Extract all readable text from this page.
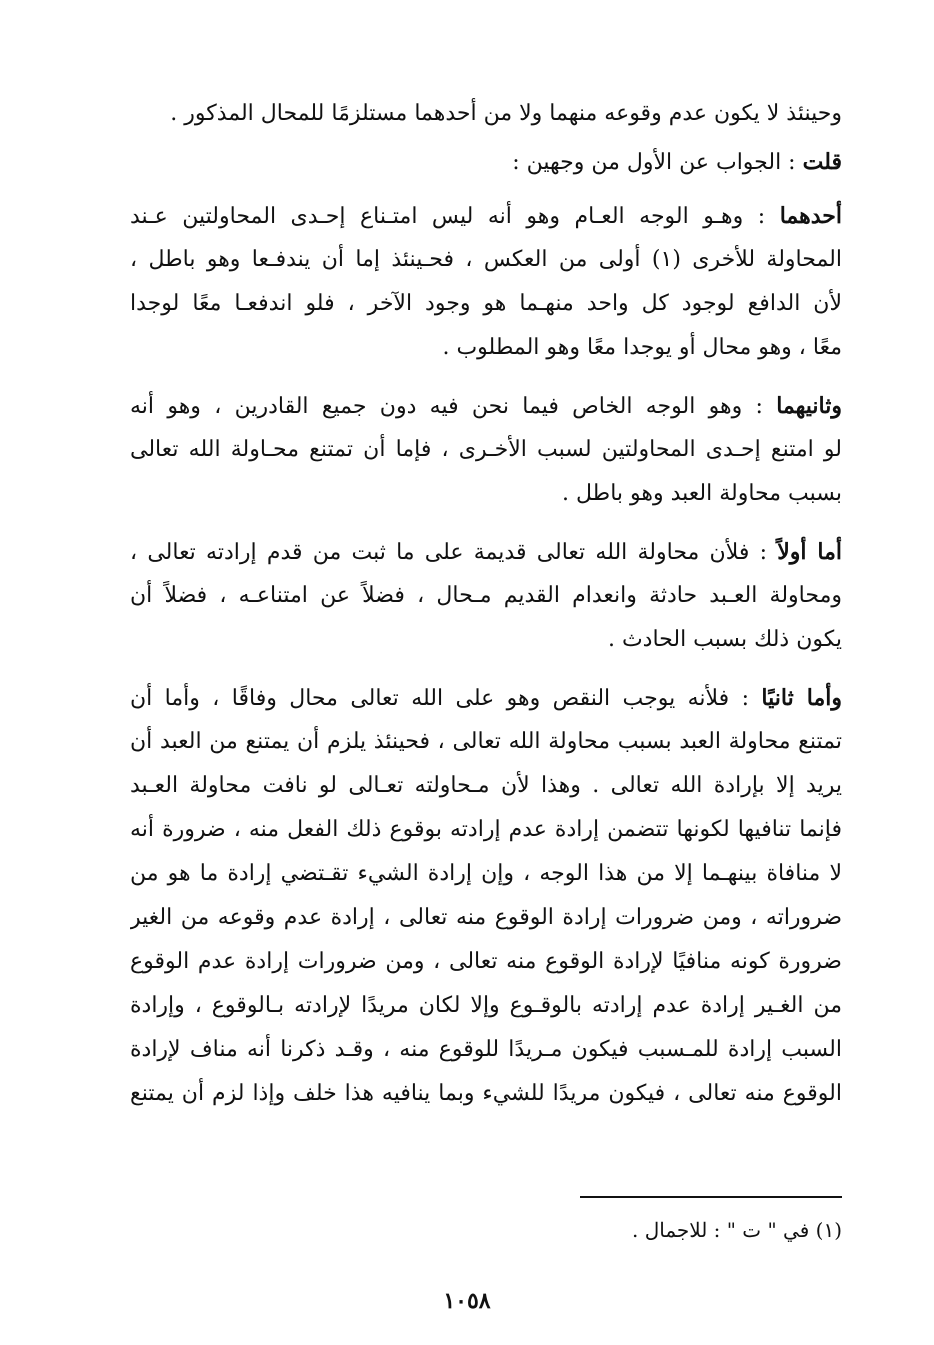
وحينئذ لا يكون عدم وقوعه منهما ولا من أحدهما مستلزمًا للمحال المذكور .
قلت : الجواب عن الأول من وجهين :
أحدهما : وهـو الوجه العـام وهو أنه ليس امتـناع إحـدى المحاولتين عـند
المحاولة للأخرى (١) أولى من العكس ، فحـينئذ إما أن يندفـعا وهو باطل ،
لأن الدافع لوجود كل واحد منهـما هو وجود الآخر ، فلو اندفعـا معًا لوجدا
معًا ، وهو محال أو يوجدا معًا وهو المطلوب .
وثانيهما : وهو الوجه الخاص فيما نحن فيه دون جميع القادرين ، وهو أنه
لو امتنع إحـدى المحاولتين لسبب الأخـرى ، فإما أن تمتنع محـاولة الله تعالى
بسبب محاولة العبد وهو باطل .
أما أولاً : فلأن محاولة الله تعالى قديمة على ما ثبت من قدم إرادته تعالى ،
ومحاولة العـبد حادثة وانعدام القديم مـحال ، فضلاً عن امتناعـه ، فضلاً أن
يكون ذلك بسبب الحادث .
وأما ثانيًا : فلأنه يوجب النقص وهو على الله تعالى محال وفاقًا ، وأما أن
تمتنع محاولة العبد بسبب محاولة الله تعالى ، فحينئذ يلزم أن يمتنع من العبد أن
يريد إلا بإرادة الله تعالى . وهذا لأن مـحاولته تعـالى لو نافت محاولة العـبد
فإنما تنافيها لكونها تتضمن إرادة عدم إرادته بوقوع ذلك الفعل منه ، ضرورة أنه
لا منافاة بينهـما إلا من هذا الوجه ، وإن إرادة الشيء تقـتضي إرادة ما هو من
ضروراته ، ومن ضرورات إرادة الوقوع منه تعالى ، إرادة عدم وقوعه من الغير
ضرورة كونه منافيًا لإرادة الوقوع منه تعالى ، ومن ضرورات إرادة عدم الوقوع
من الغـير إرادة عدم إرادته بالوقـوع وإلا لكان مريدًا لإرادته بـالوقوع ، وإرادة
السبب إرادة للمـسبب فيكون مـريدًا للوقوع منه ، وقـد ذكرنا أنه مناف لإرادة
الوقوع منه تعالى ، فيكون مريدًا للشيء وبما ينافيه هذا خلف وإذا لزم أن يمتنع
(١) في " ت " : للاجمال .
١٠٥٨
